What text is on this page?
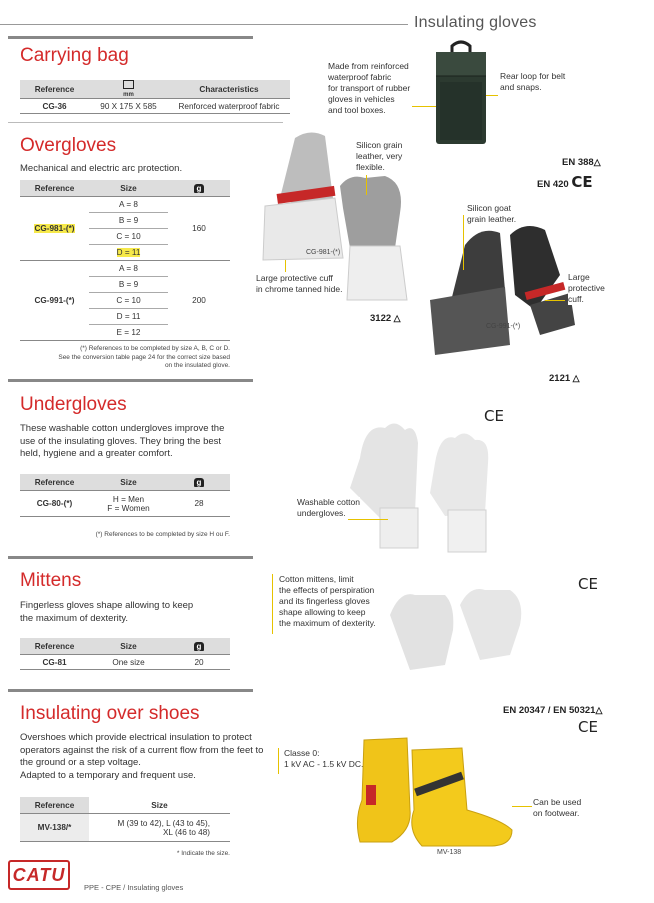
Insulating gloves
Carrying bag
Reference	mm	Characteristics
CG-36	90 X 175 X 585	Renforced waterproof fabric
Made from reinforced
waterproof fabric
for transport of rubber
gloves in vehicles
and tool boxes.
Rear loop for belt
and snaps.
EN 388△
EN 420 CE
Overgloves
Mechanical and electric arc protection.
Reference	Size	g
CG-981-(*)	A = 8	160
	B = 9	
	C = 10	
	D = 11	
CG-991-(*)	A = 8	200
	B = 9	
	C = 10	
	D = 11	
	E = 12	
(*) References to be completed by size A, B, C or D.
See the conversion table page 24 for the correct size based
on the insulated glove.
Silicon grain
leather, very
flexible.
CG-981-(*)
Large protective cuff
in chrome tanned hide.
3122 △
Silicon goat
grain leather.
Large
protective
cuff.
CG-991-(*)
2121 △
Undergloves
These washable cotton undergloves improve the
use of the insulating gloves. They bring the best
held, hygiene and a greater comfort.
Reference	Size	g
CG-80-(*)	H = Men
F = Women	28
(*) References to be completed by size H ou F.
CE
Washable cotton
undergloves.
Mittens
Fingerless gloves shape allowing to keep
the maximum of dexterity.
Reference	Size	g
CG-81	One size	20
CE
Cotton mittens, limit
the effects of perspiration
and its fingerless gloves
shape allowing to keep
the maximum of dexterity.
Insulating over shoes
Overshoes which provide electrical insulation to protect
operators against the risk of a current flow from the feet to
the ground or a step voltage.
Adapted to a temporary and frequent use.
Reference	Size
MV-138/*	M (39 to 42), L (43 to 45),
XL (46 to 48)
* Indicate the size.
EN 20347 / EN 50321△
CE
Classe 0:
1 kV AC - 1.5 kV DC.
Can be used
on footwear.
MV-138
CATU
PPE - CPE / Insulating gloves
